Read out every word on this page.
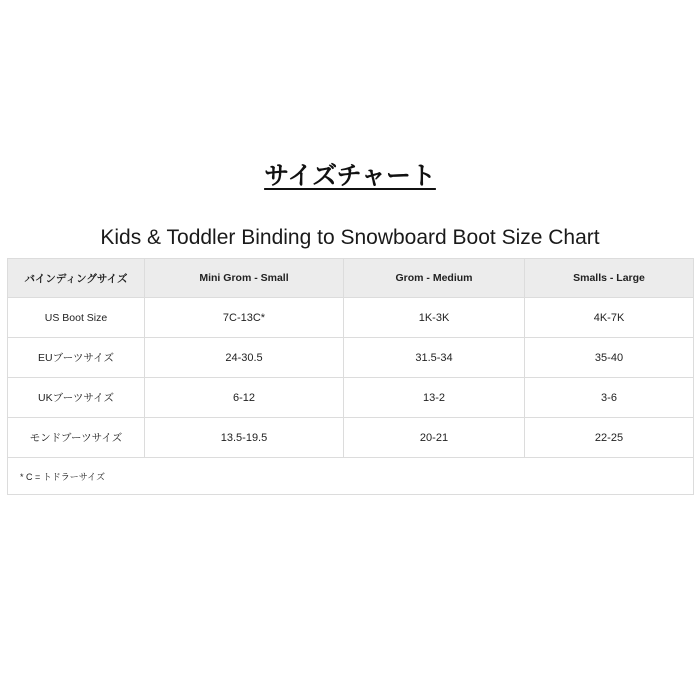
サイズチャート
Kids & Toddler Binding to Snowboard Boot Size Chart
バインディングサイズ	Mini Grom - Small	Grom - Medium	Smalls - Large
US Boot Size	7C-13C*	1K-3K	4K-7K
EUブーツサイズ	24-30.5	31.5-34	35-40
UKブーツサイズ	6-12	13-2	3-6
モンドブーツサイズ	13.5-19.5	20-21	22-25
* C = トドラーサイズ			
